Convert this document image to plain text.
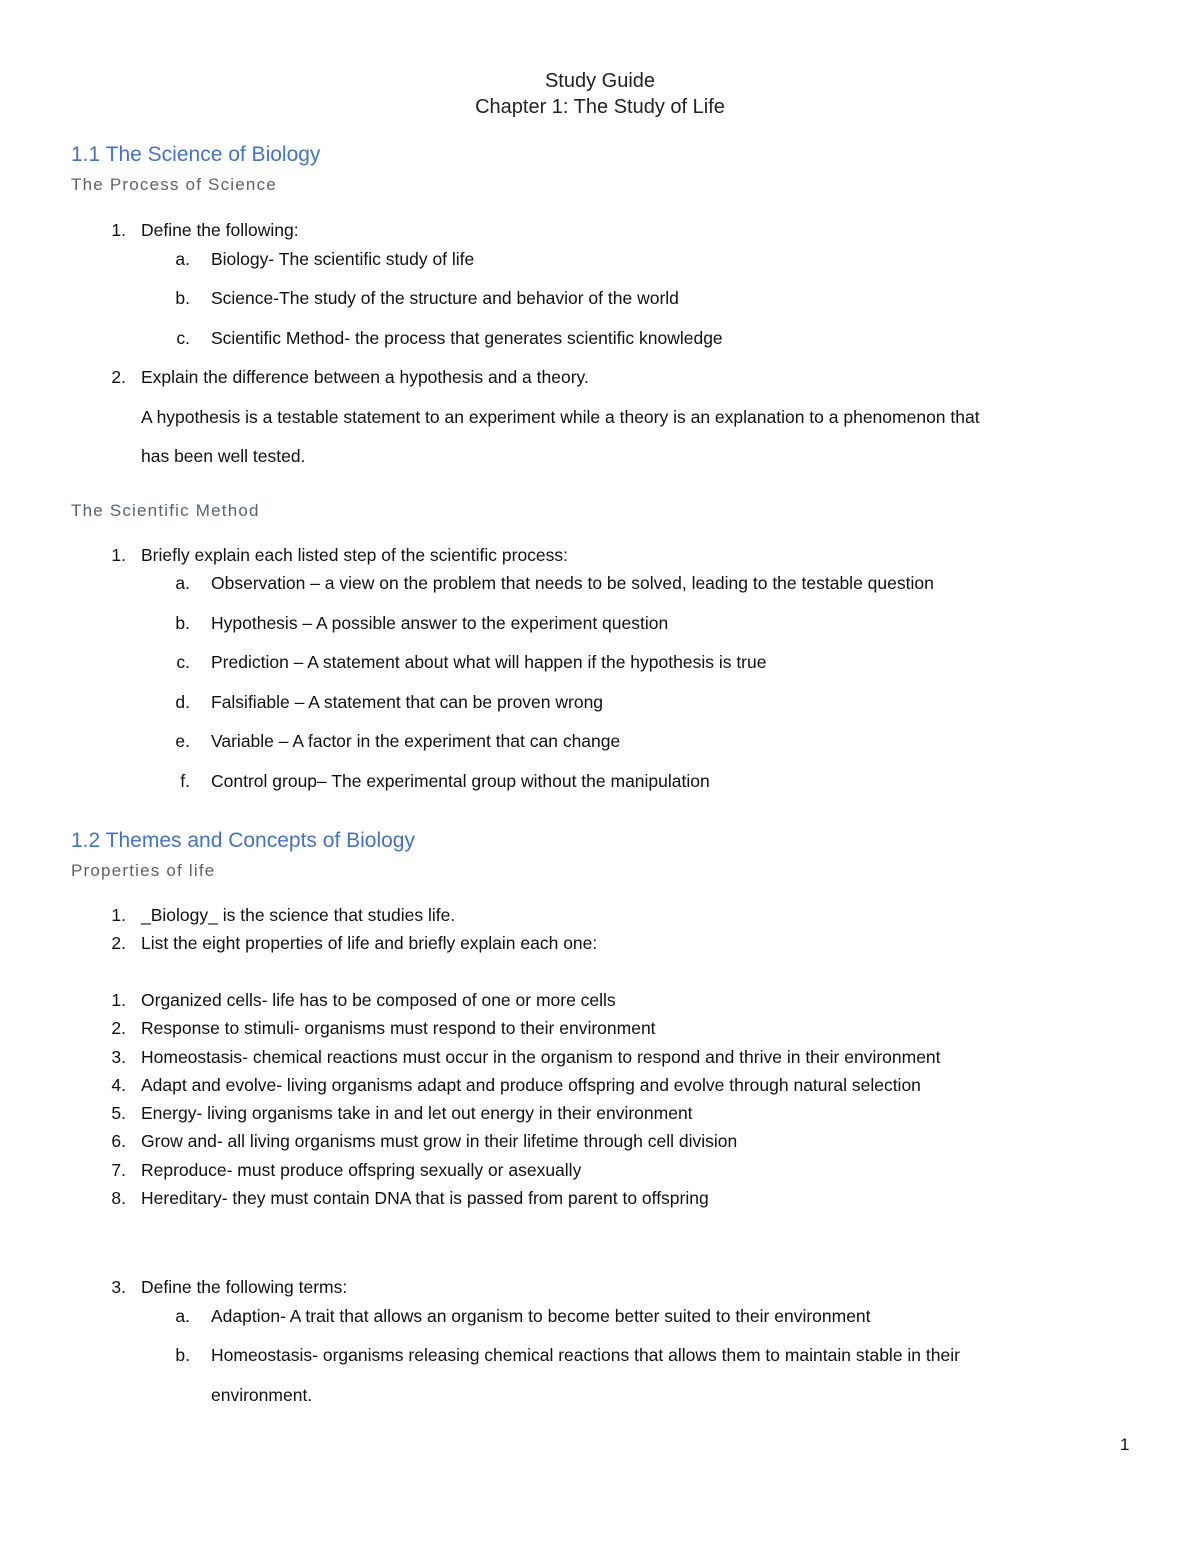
Study Guide
Chapter 1: The Study of Life
1.1 The Science of Biology
The Process of Science
1. Define the following:
a. Biology- The scientific study of life
b. Science-The study of the structure and behavior of the world
c. Scientific Method- the process that generates scientific knowledge
2. Explain the difference between a hypothesis and a theory.
A hypothesis is a testable statement to an experiment while a theory is an explanation to a phenomenon that
has been well tested.
The Scientific Method
1. Briefly explain each listed step of the scientific process:
a. Observation – a view on the problem that needs to be solved, leading to the testable question
b. Hypothesis – A possible answer to the experiment question
c. Prediction – A statement about what will happen if the hypothesis is true
d. Falsifiable – A statement that can be proven wrong
e. Variable – A factor in the experiment that can change
f. Control group– The experimental group without the manipulation
1.2 Themes and Concepts of Biology
Properties of life
1. _Biology_ is the science that studies life.
2. List the eight properties of life and briefly explain each one:
1. Organized cells- life has to be composed of one or more cells
2. Response to stimuli- organisms must respond to their environment
3. Homeostasis- chemical reactions must occur in the organism to respond and thrive in their environment
4. Adapt and evolve- living organisms adapt and produce offspring and evolve through natural selection
5. Energy- living organisms take in and let out energy in their environment
6. Grow and- all living organisms must grow in their lifetime through cell division
7. Reproduce- must produce offspring sexually or asexually
8. Hereditary- they must contain DNA that is passed from parent to offspring
3. Define the following terms:
a. Adaption- A trait that allows an organism to become better suited to their environment
b. Homeostasis- organisms releasing chemical reactions that allows them to maintain stable in their
environment.
1
